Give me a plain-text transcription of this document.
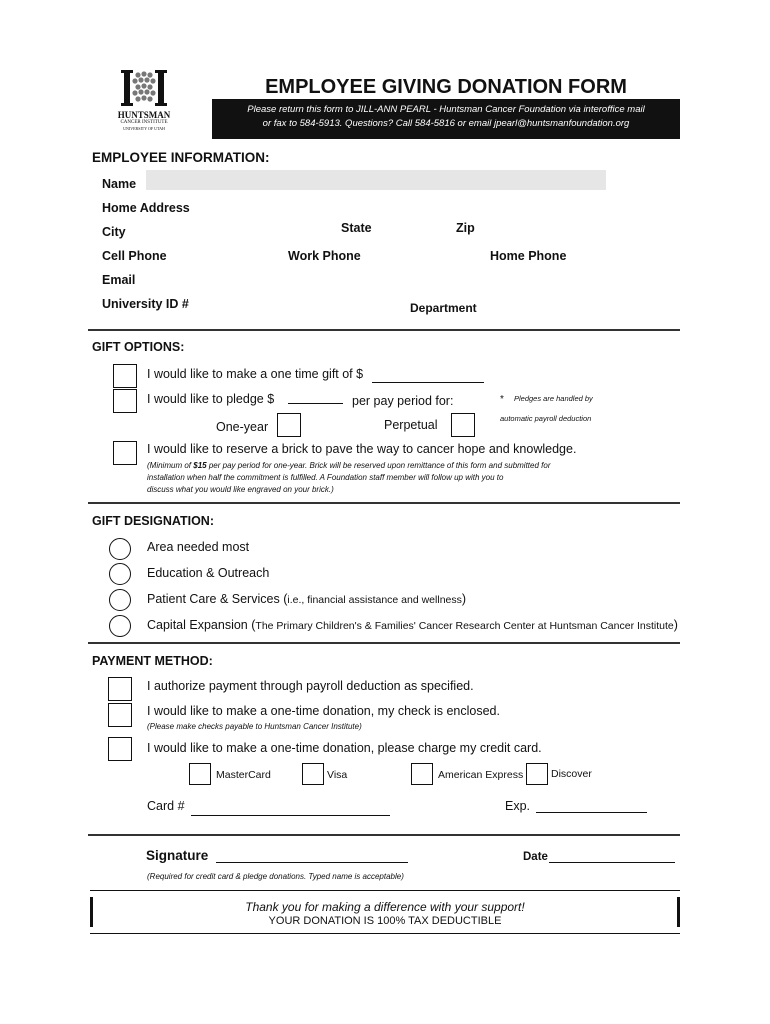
HUNTSMAN
CANCER INSTITUTE
UNIVERSITY OF UTAH
EMPLOYEE GIVING DONATION FORM
Please return this form to JILL-ANN PEARL - Huntsman Cancer Foundation via interoffice mail
or fax to 584-5913. Questions? Call 584-5816 or email jpearl@huntsmanfoundation.org
EMPLOYEE INFORMATION:
Name
Home Address
City	State	Zip
Cell Phone	Work Phone	Home Phone
Email
University ID #	Department
GIFT OPTIONS:
I would like to make a one time gift of $
I would like to pledge $	per pay period for:	* Pledges are handled by
automatic payroll deduction
One-year	Perpetual
I would like to reserve a brick to pave the way to cancer hope and knowledge.
(Minimum of $15 per pay period for one-year. Brick will be reserved upon remittance of this form and submitted for
installation when half the commitment is fulfilled. A Foundation staff member will follow up with you to
discuss what you would like engraved on your brick.)
GIFT DESIGNATION:
Area needed most
Education & Outreach
Patient Care & Services (i.e., financial assistance and wellness)
Capital Expansion (The Primary Children's & Families' Cancer Research Center at Huntsman Cancer Institute)
PAYMENT METHOD:
I authorize payment through payroll deduction as specified.
I would like to make a one-time donation, my check is enclosed.
(Please make checks payable to Huntsman Cancer Institute)
I would like to make a one-time donation, please charge my credit card.
MasterCard	Visa	American Express	Discover
Card #	Exp.
Signature	Date
(Required for credit card & pledge donations. Typed name is acceptable)
Thank you for making a difference with your support!
YOUR DONATION IS 100% TAX DEDUCTIBLE
